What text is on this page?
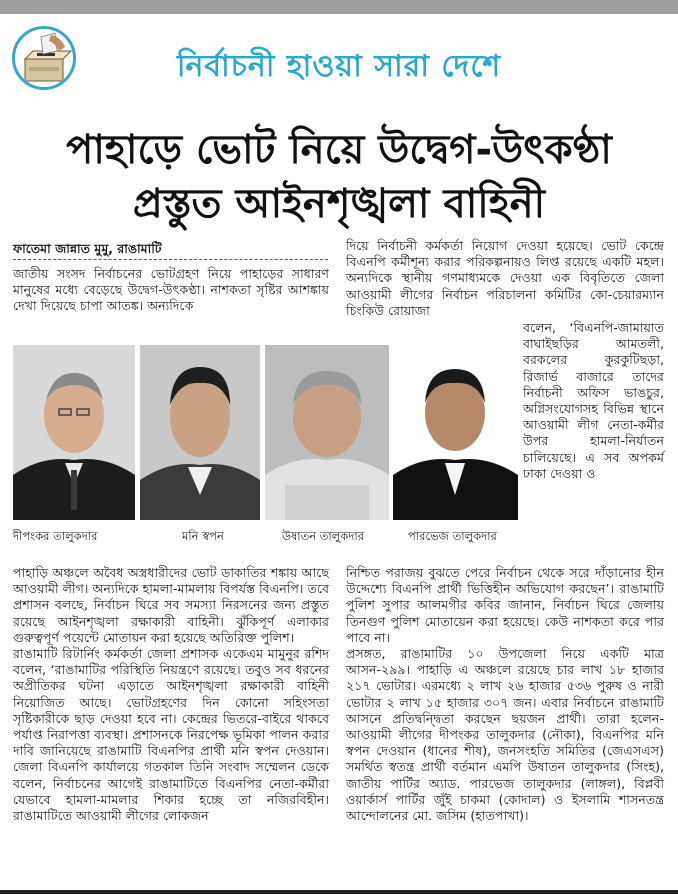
নির্বাচনী হাওয়া সারা দেশে
পাহাড়ে ভোট নিয়ে উদ্বেগ-উৎকণ্ঠা
প্রস্তুত আইনশৃঙ্খলা বাহিনী
ফাতেমা জান্নাত মুমু, রাঙামাটি
জাতীয় সংসদ নির্বাচনের ভোটগ্রহণ নিয়ে পাহাড়ের সাধারণ মানুষের মধ্যে বেড়েছে উদ্বেগ-উৎকণ্ঠা। নাশকতা সৃষ্টির আশঙ্কায় দেখা দিয়েছে চাপা আতঙ্ক। অন্যদিকে
দিয়ে নির্বাচনী কর্মকর্তা নিয়োগ দেওয়া হয়েছে। ভোট কেন্দ্রে বিএনপি কর্মীশূন্য করার পরিকল্পনায়ও লিপ্ত রয়েছে একটি মহল। অন্যদিকে স্থানীয় গণমাধ্যমকে দেওয়া এক বিবৃতিতে জেলা আওয়ামী লীগের নির্বাচন পরিচালনা কমিটির কো-চেয়ারম্যান চিংকিউ রোয়াজা
বলেন, ‘বিএনপি-জামায়াত বাঘাইছড়ির আমতলী, বরকলের কুরকুটিছড়া, রিজার্ভ বাজারে তাদের নির্বাচনী অফিস ভাঙচুর, অগ্নিসংযোগসহ বিভিন্ন স্থানে আওয়ামী লীগ নেতা-কর্মীর উপর হামলা-নির্যাতন চালিয়েছে। এ সব অপকর্ম ঢাকা দেওয়া ও
দীপংকর তালুকদার	মনি স্বপন	উষাতন তালুকদার	পারভেজ তালুকদার

পাহাড়ি অঞ্চলে অবৈধ অস্ত্রধারীদের ভোট ডাকাতির শঙ্কায় আছে আওয়ামী লীগ। অন্যদিকে হামলা-মামলায় বিপর্যস্ত বিএনপি। তবে প্রশাসন বলছে, নির্বাচন ঘিরে সব সমস্যা নিরসনের জন্য প্রস্তুত রয়েছে আইনশৃঙ্খলা রক্ষাকারী বাহিনী। ঝুঁকিপূর্ণ এলাকার গুরুত্বপূর্ণ পয়েন্টে মোতায়ন করা হয়েছে অতিরিক্ত পুলিশ।

রাঙামাটি রিটার্নিং কর্মকর্তা জেলা প্রশাসক একেএম মামুনুর রশিদ বলেন, ‘রাঙামাটির পরিস্থিতি নিয়ন্ত্রণে রয়েছে। তবুও সব ধরনের অপ্রীতিকর ঘটনা এড়াতে আইনশৃঙ্খলা রক্ষাকারী বাহিনী নিয়োজিত আছে। ভোটগ্রহণের দিন কোনো সহিংসতা সৃষ্টিকারীকে ছাড় দেওয়া হবে না। কেন্দ্রের ভিতরে-বাইরে থাকবে পর্যাপ্ত নিরাপত্তা ব্যবস্থা। প্রশাসনকে নিরপেক্ষ ভূমিকা পালন করার দাবি জানিয়েছে রাঙামাটি বিএনপির প্রার্থী মনি স্বপন দেওয়ান। জেলা বিএনপি কার্যালয়ে গতকাল তিনি সংবাদ সম্মেলন ডেকে বলেন, নির্বাচনের আগেই রাঙামাটিতে বিএনপির নেতা-কর্মীরা যেভাবে হামলা-মামলার শিকার হচ্ছে তা নজিরবিহীন। রাঙামাটিতে আওয়ামী লীগের লোকজন

নিশ্চিত পরাজয় বুঝতে পেরে নির্বাচন থেকে সরে দাঁড়ানোর হীন উদ্দেশ্যে বিএনপি প্রার্থী ভিত্তিহীন অভিযোগ করছেন’। রাঙামাটি পুলিশ সুপার আলমগীর কবির জানান, নির্বাচন ঘিরে জেলায় তিনগুণ পুলিশ মোতায়েন করা হয়েছে। কেউ নাশকতা করে পার পাবে না।

প্রসঙ্গত, রাঙামাটির ১০ উপজেলা নিয়ে একটি মাত্র আসন-২৯৯। পাহাড়ি এ অঞ্চলে রয়েছে চার লাখ ১৮ হাজার ২১৭ ভোটার। এরমধ্যে ২ লাখ ২৬ হাজার ৫৩৬ পুরুষ ও নারী ভোটার ২ লাখ ১৫ হাজার ৩০৭ জন। এবার নির্বাচনে রাঙামাটি আসনে প্রতিদ্বন্দ্বিতা করছেন ছয়জন প্রার্থী। তারা হলেন- আওয়ামী লীগের দীপংকর তালুকদার (নৌকা), বিএনপির মনি স্বপন দেওয়ান (ধানের শীষ), জনসংহতি সমিতির (জেএসএস) সমর্থিত স্বতন্ত্র প্রার্থী বর্তমান এমপি উষাতন তালুকদার (সিংহ), জাতীয় পার্টির অ্যাড. পারভেজ তালুকদার (লাঙ্গল), বিপ্লবী ওয়ার্কার্স পার্টির জুঁই চাকমা (কোদাল) ও ইসলামি শাসনতন্ত্র আন্দোলনের মো. জসিম (হাতপাখা)।
